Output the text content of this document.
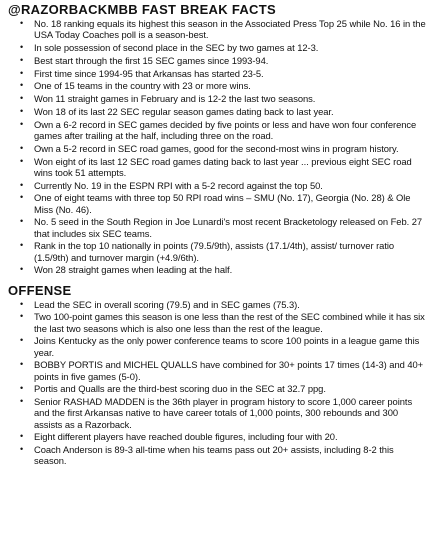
@RAZORBACKMBB FAST BREAK FACTS
• No. 18 ranking equals its highest this season in the Associated Press Top 25 while No. 16 in the USA Today Coaches poll is a season-best.
• In sole possession of second place in the SEC by two games at 12-3.
• Best start through the first 15 SEC games since 1993-94.
• First time since 1994-95 that Arkansas has started 23-5.
• One of 15 teams in the country with 23 or more wins.
• Won 11 straight games in February and is 12-2 the last two seasons.
• Won 18 of its last 22 SEC regular season games dating back to last year.
• Own a 6-2 record in SEC games decided by five points or less and have won four conference games after trailing at the half, including three on the road.
• Own a 5-2 record in SEC road games, good for the second-most wins in program history.
• Won eight of its last 12 SEC road games dating back to last year ... previous eight SEC road wins took 51 attempts.
• Currently No. 19 in the ESPN RPI with a 5-2 record against the top 50.
• One of eight teams with three top 50 RPI road wins – SMU (No. 17), Georgia (No. 28) & Ole Miss (No. 46).
• No. 5 seed in the South Region in Joe Lunardi's most recent Bracketology released on Feb. 27 that includes six SEC teams.
• Rank in the top 10 nationally in points (79.5/9th), assists (17.1/4th), assist/ turnover ratio (1.5/9th) and turnover margin (+4.9/6th).
• Won 28 straight games when leading at the half.
OFFENSE
• Lead the SEC in overall scoring (79.5) and in SEC games (75.3).
• Two 100-point games this season is one less than the rest of the SEC combined while it has six the last two seasons which is also one less than the rest of the league.
• Joins Kentucky as the only power conference teams to score 100 points in a league game this year.
• BOBBY PORTIS and MICHEL QUALLS have combined for 30+ points 17 times (14-3) and 40+ points in five games (5-0).
• Portis and Qualls are the third-best scoring duo in the SEC at 32.7 ppg.
• Senior RASHAD MADDEN is the 36th player in program history to score 1,000 career points and the first Arkansas native to have career totals of 1,000 points, 300 rebounds and 300 assists as a Razorback.
• Eight different players have reached double figures, including four with 20.
• Coach Anderson is 89-3 all-time when his teams pass out 20+ assists, including 8-2 this season.
